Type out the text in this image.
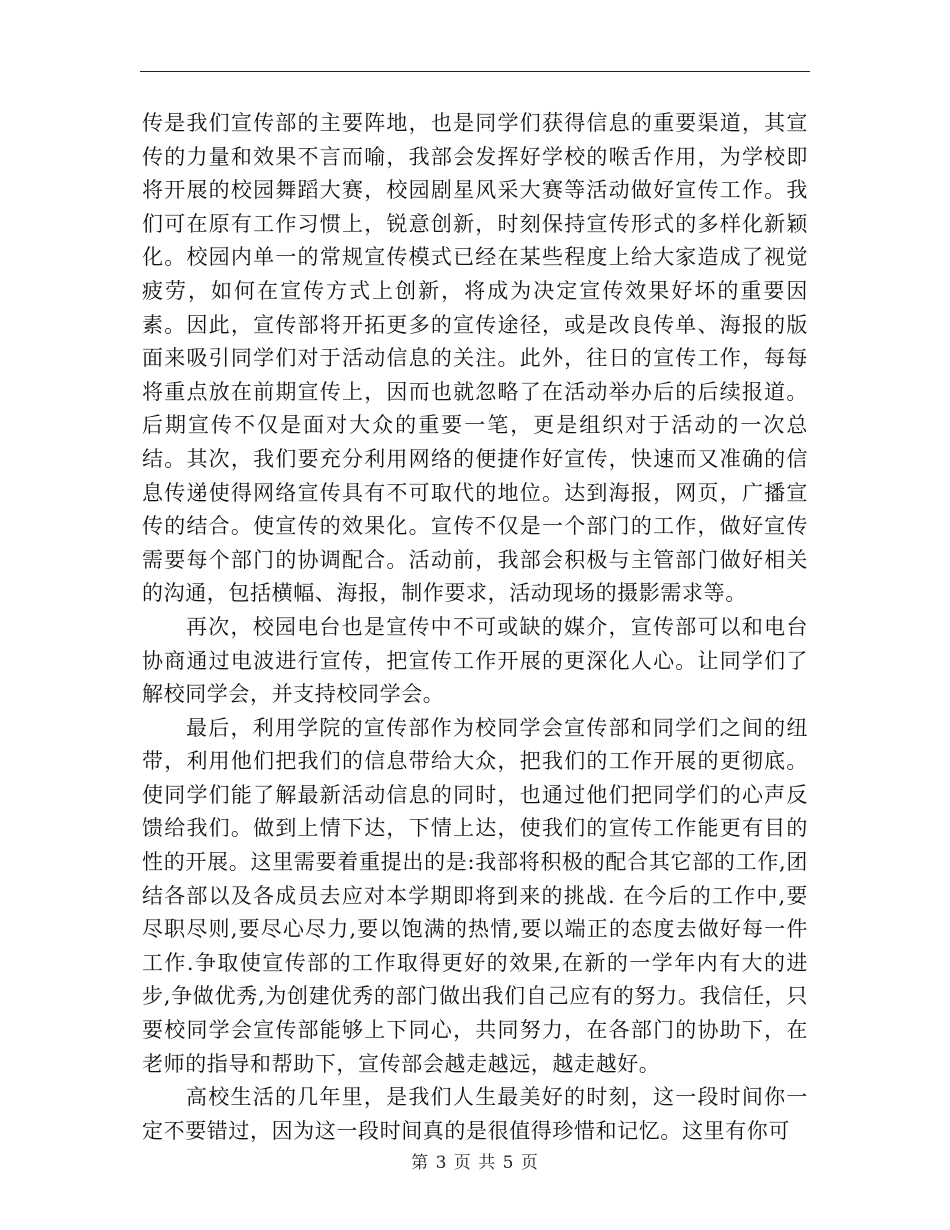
传是我们宣传部的主要阵地，也是同学们获得信息的重要渠道，其宣传的力量和效果不言而喻，我部会发挥好学校的喉舌作用，为学校即将开展的校园舞蹈大赛，校园剧星风采大赛等活动做好宣传工作。我们可在原有工作习惯上，锐意创新，时刻保持宣传形式的多样化新颖化。校园内单一的常规宣传模式已经在某些程度上给大家造成了视觉疲劳，如何在宣传方式上创新，将成为决定宣传效果好坏的重要因素。因此，宣传部将开拓更多的宣传途径，或是改良传单、海报的版面来吸引同学们对于活动信息的关注。此外，往日的宣传工作，每每将重点放在前期宣传上，因而也就忽略了在活动举办后的后续报道。后期宣传不仅是面对大众的重要一笔，更是组织对于活动的一次总结。其次，我们要充分利用网络的便捷作好宣传，快速而又准确的信息传递使得网络宣传具有不可取代的地位。达到海报，网页，广播宣传的结合。使宣传的效果化。宣传不仅是一个部门的工作，做好宣传需要每个部门的协调配合。活动前，我部会积极与主管部门做好相关的沟通，包括横幅、海报，制作要求，活动现场的摄影需求等。

再次，校园电台也是宣传中不可或缺的媒介，宣传部可以和电台协商通过电波进行宣传，把宣传工作开展的更深化人心。让同学们了解校同学会，并支持校同学会。

最后，利用学院的宣传部作为校同学会宣传部和同学们之间的纽带，利用他们把我们的信息带给大众，把我们的工作开展的更彻底。使同学们能了解最新活动信息的同时，也通过他们把同学们的心声反馈给我们。做到上情下达，下情上达，使我们的宣传工作能更有目的性的开展。这里需要着重提出的是:我部将积极的配合其它部的工作,团结各部以及各成员去应对本学期即将到来的挑战. 在今后的工作中,要尽职尽则,要尽心尽力,要以饱满的热情,要以端正的态度去做好每一件工作.争取使宣传部的工作取得更好的效果,在新的一学年内有大的进步,争做优秀,为创建优秀的部门做出我们自己应有的努力。我信任，只要校同学会宣传部能够上下同心，共同努力，在各部门的协助下，在老师的指导和帮助下，宣传部会越走越远，越走越好。

高校生活的几年里，是我们人生最美好的时刻，这一段时间你一定不要错过，因为这一段时间真的是很值得珍惜和记忆。这里有你可

第 3 页 共 5 页
